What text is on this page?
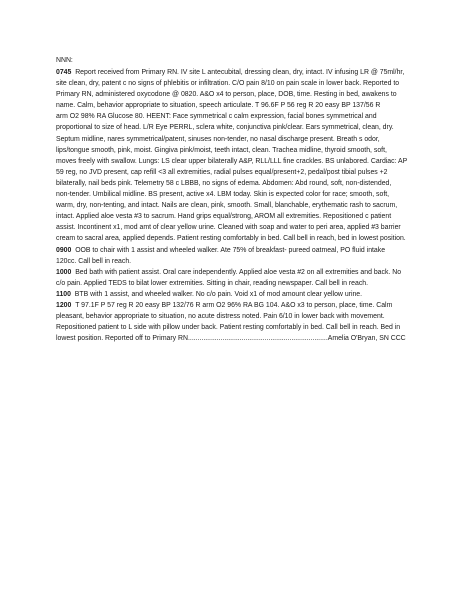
NNN:

0745 Report received from Primary RN. IV site L antecubital, dressing clean, dry, intact. IV infusing LR @ 75ml/hr,

site clean, dry, patent c no signs of phlebitis or infiltration. C/O pain 8/10 on pain scale in lower back. Reported to

Primary RN, administered oxycodone @ 0820. A&O x4 to person, place, DOB, time. Resting in bed, awakens to

name. Calm, behavior appropriate to situation, speech articulate. T 96.6F P 56 reg R 20 easy BP 137/56 R

arm O2 98% RA Glucose 80. HEENT: Face symmetrical c calm expression, facial bones symmetrical and

proportional to size of head. L/R Eye PERRL, sclera white, conjunctiva pink/clear. Ears symmetrical, clean, dry.

Septum midline, nares symmetrical/patent, sinuses non-tender, no nasal discharge present. Breath s odor,

lips/tongue smooth, pink, moist. Gingiva pink/moist, teeth intact, clean. Trachea midline, thyroid smooth, soft,

moves freely with swallow. Lungs: LS clear upper bilaterally A&P, RLL/LLL fine crackles. BS unlabored. Cardiac: AP

59 reg, no JVD present, cap refill <3 all extremities, radial pulses equal/present+2, pedal/post tibial pulses +2

bilaterally, nail beds pink. Telemetry 58 c LBBB, no signs of edema. Abdomen: Abd round, soft, non-distended,

non-tender. Umbilical midline. BS present, active x4. LBM today. Skin is expected color for race; smooth, soft,

warm, dry, non-tenting, and intact. Nails are clean, pink, smooth. Small, blanchable, erythematic rash to sacrum,

intact. Applied aloe vesta #3 to sacrum. Hand grips equal/strong, AROM all extremities. Repositioned c patient

assist. Incontinent x1, mod amt of clear yellow urine. Cleaned with soap and water to peri area, applied #3 barrier

cream to sacral area, applied depends. Patient resting comfortably in bed. Call bell in reach, bed in lowest position.

0900 OOB to chair with 1 assist and wheeled walker. Ate 75% of breakfast- pureed oatmeal, PO fluid intake

120cc. Call bell in reach.

1000 Bed bath with patient assist. Oral care independently. Applied aloe vesta #2 on all extremities and back. No

c/o pain. Applied TEDS to bilat lower extremities. Sitting in chair, reading newspaper. Call bell in reach.

1100 BTB with 1 assist, and wheeled walker. No c/o pain. Void x1 of mod amount clear yellow urine.

1200 T 97.1F P 57 reg R 20 easy BP 132/76 R arm O2 96% RA BG 104. A&O x3 to person, place, time. Calm

pleasant, behavior appropriate to situation, no acute distress noted. Pain 6/10 in lower back with movement.

Repositioned patient to L side with pillow under back. Patient resting comfortably in bed. Call bell in reach. Bed in

lowest position. Reported off to Primary RN.........................................................................Amelia O'Bryan, SN CCC
